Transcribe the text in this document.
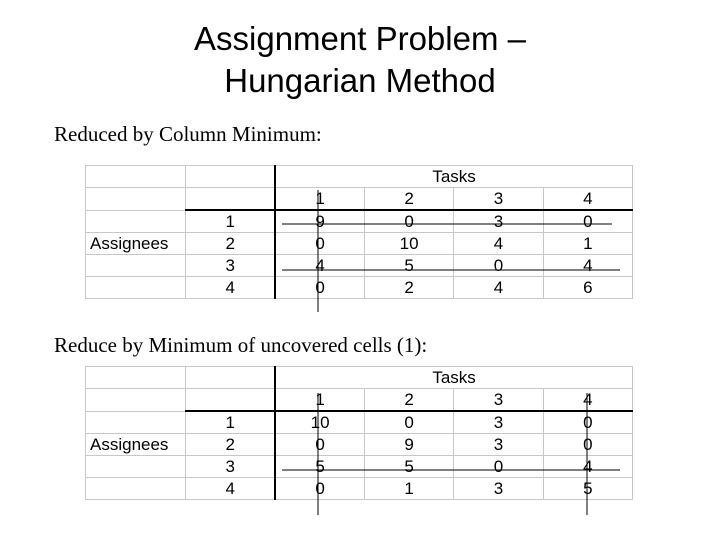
Assignment Problem –
Hungarian Method
Reduced by Column Minimum:
		Tasks			
		1	2	3	4
	1	9	0	3	0
Assignees	2	0	10	4	1
	3	4	5	0	4
	4	0	2	4	6
Reduce by Minimum of uncovered cells (1):
		Tasks			
		1	2	3	4
	1	10	0	3	0
Assignees	2	0	9	3	0
	3	5	5	0	4
	4	0	1	3	5
